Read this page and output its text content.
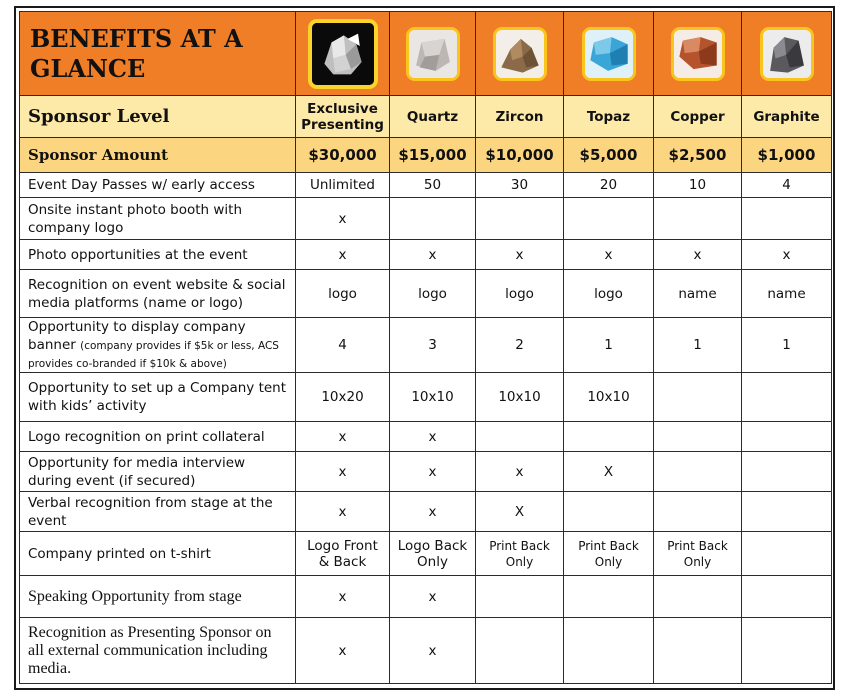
BENEFITS AT A GLANCE	

Sponsor Level	Exclusive Presenting	Quartz	Zircon	Topaz	Copper	Graphite
Sponsor Amount	$30,000	$15,000	$10,000	$5,000	$2,500	$1,000
Event Day Passes w/ early access	Unlimited	50	30	20	10	4
Onsite instant photo booth with company logo	x					
Photo opportunities at the event	x	x	x	x	x	x
Recognition on event website & social media platforms (name or logo)	logo	logo	logo	logo	name	name
Opportunity to display company banner (company provides if $5k or less, ACS provides co-branded if $10k & above)	4	3	2	1	1	1
Opportunity to set up a Company tent with kids’ activity	10x20	10x10	10x10	10x10		
Logo recognition on print collateral	x	x				
Opportunity for media interview during event (if secured)	x	x	x	X		
Verbal recognition from stage at the event	x	x	X			
Company printed on t-shirt	Logo Front & Back	Logo Back Only	Print Back Only	Print Back Only	Print Back Only	
Speaking Opportunity from stage	x	x				
Recognition as Presenting Sponsor on all external communication including media.	x	x				
